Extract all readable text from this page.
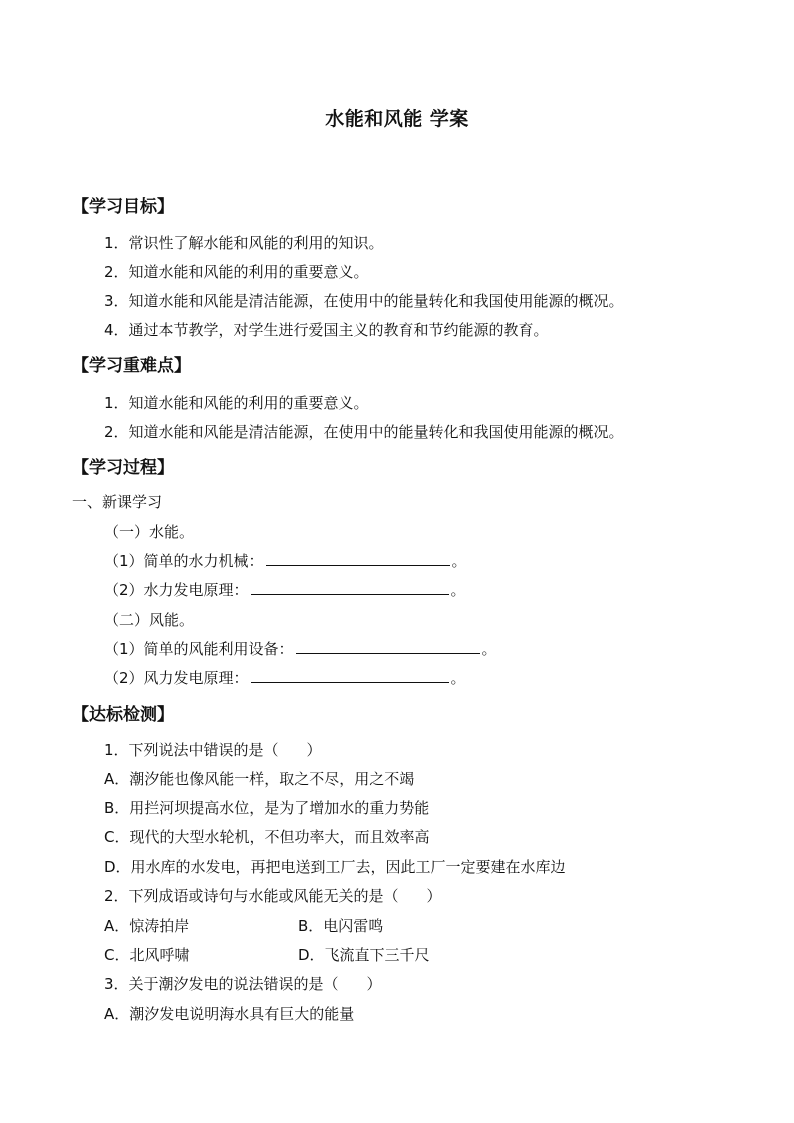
水能和风能 学案
【学习目标】
1．常识性了解水能和风能的利用的知识。
2．知道水能和风能的利用的重要意义。
3．知道水能和风能是清洁能源，在使用中的能量转化和我国使用能源的概况。
4．通过本节教学，对学生进行爱国主义的教育和节约能源的教育。
【学习重难点】
1．知道水能和风能的利用的重要意义。
2．知道水能和风能是清洁能源，在使用中的能量转化和我国使用能源的概况。
【学习过程】
一、新课学习
（一）水能。
（1）简单的水力机械：	。
（2）水力发电原理：	。
（二）风能。
（1）简单的风能利用设备：	。
（2）风力发电原理：	。
【达标检测】
1．下列说法中错误的是（ ）
A．潮汐能也像风能一样，取之不尽，用之不竭
B．用拦河坝提高水位，是为了增加水的重力势能
C．现代的大型水轮机，不但功率大，而且效率高
D．用水库的水发电，再把电送到工厂去，因此工厂一定要建在水库边
2．下列成语或诗句与水能或风能无关的是（ ）
A．惊涛拍岸	B．电闪雷鸣
C．北风呼啸	D．飞流直下三千尺
3．关于潮汐发电的说法错误的是（ ）
A．潮汐发电说明海水具有巨大的能量
